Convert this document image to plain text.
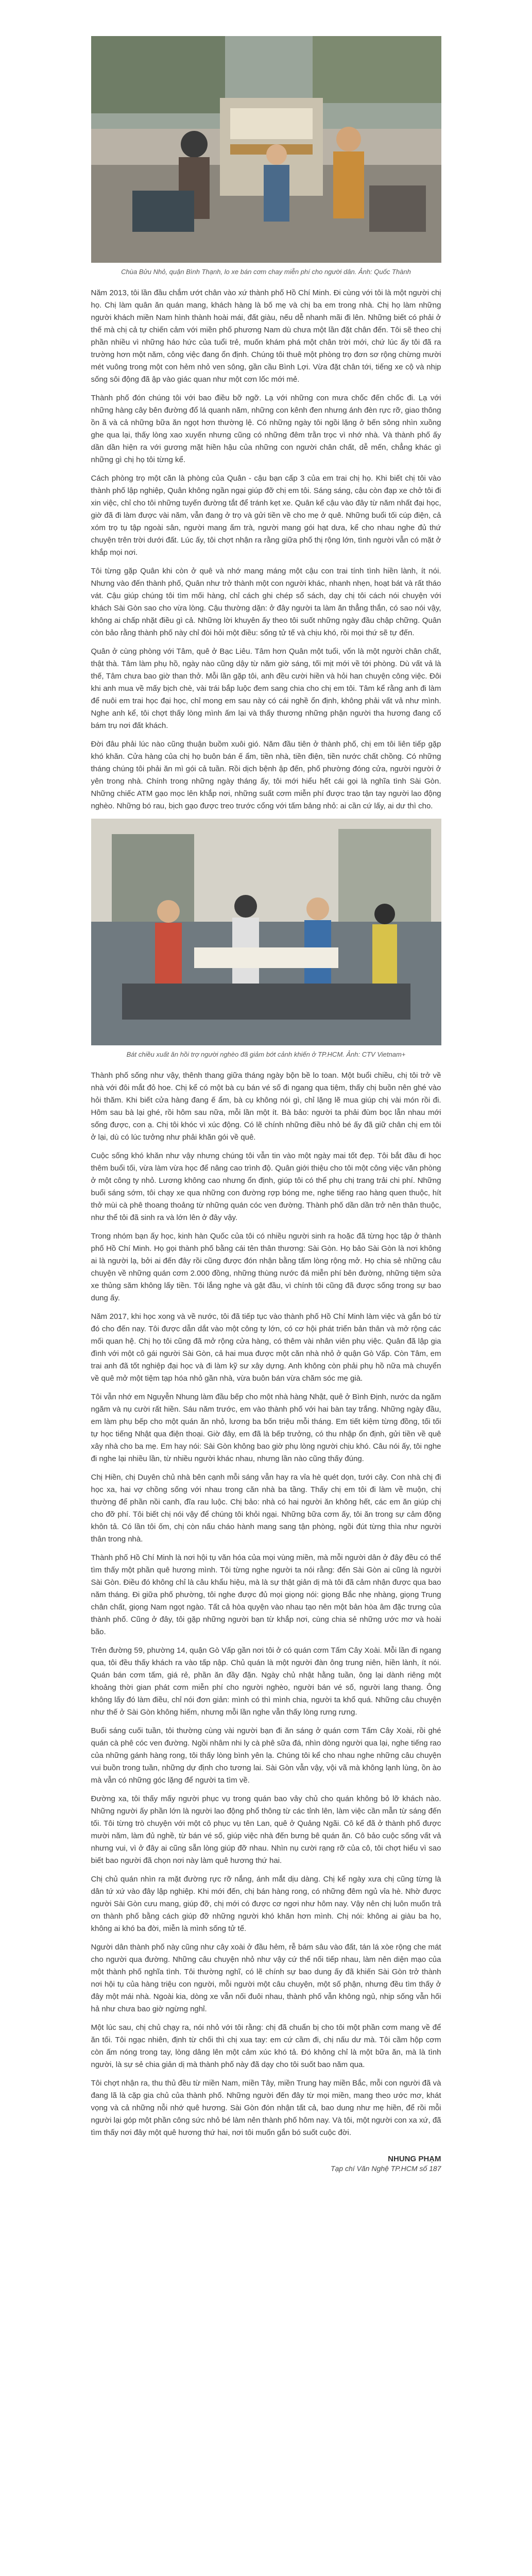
Chùa Bửu Nhỏ, quận Bình Thạnh, lo xe bán cơm chay miễn phí cho người dân. Ảnh: Quốc Thành

Năm 2013, tôi lần đầu chắm ướt chân vào xứ thành phố Hồ Chí Minh. Đi cùng với tôi là một người chị họ. Chị làm quân ăn quán mang, khách hàng là bố mẹ và chị ba em trong nhà. Chị họ làm những người khách miền Nam hình thành hoài mái, đất giàu, nếu dễ nhanh mãi đi lên. Những biết có phải ở thế mà chị cả tự chiến cảm với miền phố phương Nam dù chưa một lần đặt chân đến. Tôi sẽ theo chị phần nhiều vì những háo hức của tuổi trẻ, muốn khám phá một chân trời mới, chứ lúc ấy tôi đã ra trường hơn một năm, công việc đang ổn định. Chúng tôi thuê một phòng trọ đơn sơ rộng chừng mười mét vuông trong một con hẻm nhỏ ven sông, gần cầu Bình Lợi. Vừa đặt chân tới, tiếng xe cộ và nhịp sống sôi động đã ập vào giác quan như một cơn lốc mới mẻ.

Thành phố đón chúng tôi với bao điều bỡ ngỡ. Lạ với những con mưa chốc đến chốc đi. Lạ với những hàng cây bên đường đổ lá quanh năm, những con kênh đen nhưng ánh đèn rực rỡ, giao thông ồn ã và cả những bữa ăn ngọt hơn thường lệ. Có những ngày tôi ngồi lặng ở bến sông nhìn xuồng ghe qua lại, thấy lòng xao xuyến nhưng cũng có những đêm trằn trọc vì nhớ nhà. Và thành phố ấy dần dần hiện ra với gương mặt hiền hậu của những con người chân chất, dễ mến, chẳng khác gì những gì chị họ tôi từng kể.

Cách phòng trọ một căn là phòng của Quân - cậu bạn cấp 3 của em trai chị họ. Khi biết chị tôi vào thành phố lập nghiệp, Quân không ngần ngại giúp đỡ chị em tôi. Sáng sáng, cậu còn đạp xe chở tôi đi xin việc, chỉ cho tôi những tuyến đường tắt để tránh kẹt xe. Quân kể cậu vào đây từ năm nhất đại học, giờ đã đi làm được vài năm, vẫn đang ở trọ và gửi tiền về cho mẹ ở quê. Những buổi tối cúp điện, cả xóm trọ tụ tập ngoài sân, người mang ấm trà, người mang gói hạt dưa, kể cho nhau nghe đủ thứ chuyện trên trời dưới đất. Lúc ấy, tôi chợt nhận ra rằng giữa phố thị rộng lớn, tình người vẫn có mặt ở khắp mọi nơi.

Tôi từng gặp Quân khi còn ở quê và nhớ mang máng một cậu con trai tính tình hiền lành, ít nói. Nhưng vào đến thành phố, Quân như trở thành một con người khác, nhanh nhẹn, hoạt bát và rất tháo vát. Cậu giúp chúng tôi tìm mối hàng, chỉ cách ghi chép sổ sách, dạy chị tôi cách nói chuyện với khách Sài Gòn sao cho vừa lòng. Cậu thường dặn: ở đây người ta làm ăn thẳng thắn, có sao nói vậy, không ai chấp nhặt điều gì cả. Những lời khuyên ấy theo tôi suốt những ngày đầu chập chững. Quân còn bảo rằng thành phố này chỉ đòi hỏi một điều: sống tử tế và chịu khó, rồi mọi thứ sẽ tự đến.

Quân ở cùng phòng với Tâm, quê ở Bạc Liêu. Tâm hơn Quân một tuổi, vốn là một người chân chất, thật thà. Tâm làm phụ hồ, ngày nào cũng dậy từ năm giờ sáng, tối mịt mới về tới phòng. Dù vất vả là thế, Tâm chưa bao giờ than thở. Mỗi lần gặp tôi, anh đều cười hiền và hỏi han chuyện công việc. Đôi khi anh mua về mấy bịch chè, vài trái bắp luộc đem sang chia cho chị em tôi. Tâm kể rằng anh đi làm để nuôi em trai học đại học, chỉ mong em sau này có cái nghề ổn định, không phải vất vả như mình. Nghe anh kể, tôi chợt thấy lòng mình ấm lại và thấy thương những phận người tha hương đang cố bám trụ nơi đất khách.

Đời đâu phải lúc nào cũng thuận buồm xuôi gió. Năm đầu tiên ở thành phố, chị em tôi liên tiếp gặp khó khăn. Cửa hàng của chị họ buôn bán ế ẩm, tiền nhà, tiền điện, tiền nước chất chồng. Có những tháng chúng tôi phải ăn mì gói cả tuần. Rồi dịch bệnh ập đến, phố phường đóng cửa, người người ở yên trong nhà. Chính trong những ngày tháng ấy, tôi mới hiểu hết cái gọi là nghĩa tình Sài Gòn. Những chiếc ATM gạo mọc lên khắp nơi, những suất cơm miễn phí được trao tận tay người lao động nghèo. Những bó rau, bịch gạo được treo trước cổng với tấm bảng nhỏ: ai cần cứ lấy, ai dư thì cho.

Bát chiều xuất ăn hồi trợ người nghèo đã giảm bớt cảnh khiến ở TP.HCM. Ảnh: CTV Vietnam+

Thành phố sống như vậy, thênh thang giữa tháng ngày bộn bề lo toan. Một buổi chiều, chị tôi trở về nhà với đôi mắt đỏ hoe. Chị kể có một bà cụ bán vé số đi ngang qua tiệm, thấy chị buồn nên ghé vào hỏi thăm. Khi biết cửa hàng đang ế ẩm, bà cụ không nói gì, chỉ lặng lẽ mua giúp chị vài món rồi đi. Hôm sau bà lại ghé, rồi hôm sau nữa, mỗi lần một ít. Bà bảo: người ta phải đùm bọc lẫn nhau mới sống được, con ạ. Chị tôi khóc vì xúc động. Có lẽ chính những điều nhỏ bé ấy đã giữ chân chị em tôi ở lại, dù có lúc tưởng như phải khăn gói về quê.

Cuộc sống khó khăn như vậy nhưng chúng tôi vẫn tin vào một ngày mai tốt đẹp. Tôi bắt đầu đi học thêm buổi tối, vừa làm vừa học để nâng cao trình độ. Quân giới thiệu cho tôi một công việc văn phòng ở một công ty nhỏ. Lương không cao nhưng ổn định, giúp tôi có thể phụ chị trang trải chi phí. Những buổi sáng sớm, tôi chạy xe qua những con đường rợp bóng me, nghe tiếng rao hàng quen thuộc, hít thở mùi cà phê thoang thoảng từ những quán cóc ven đường. Thành phố dần dần trở nên thân thuộc, như thể tôi đã sinh ra và lớn lên ở đây vậy.

Trong nhóm bạn ấy học, kinh hàn Quốc của tôi có nhiều người sinh ra hoặc đã từng học tập ở thành phố Hồ Chí Minh. Họ gọi thành phố bằng cái tên thân thương: Sài Gòn. Họ bảo Sài Gòn là nơi không ai là người lạ, bởi ai đến đây rồi cũng được đón nhận bằng tấm lòng rộng mở. Họ chia sẻ những câu chuyện về những quán cơm 2.000 đồng, những thùng nước đá miễn phí bên đường, những tiệm sửa xe thủng săm không lấy tiền. Tôi lắng nghe và gật đầu, vì chính tôi cũng đã được sống trong sự bao dung ấy.

Năm 2017, khi học xong và về nước, tôi đã tiếp tục vào thành phố Hồ Chí Minh làm việc và gắn bó từ đó cho đến nay. Tôi được dẫn dắt vào một công ty lớn, có cơ hội phát triển bản thân và mở rộng các mối quan hệ. Chị họ tôi cũng đã mở rộng cửa hàng, có thêm vài nhân viên phụ việc. Quân đã lập gia đình với một cô gái người Sài Gòn, cả hai mua được một căn nhà nhỏ ở quận Gò Vấp. Còn Tâm, em trai anh đã tốt nghiệp đại học và đi làm kỹ sư xây dựng. Anh không còn phải phụ hồ nữa mà chuyển về quê mở một tiệm tạp hóa nhỏ gần nhà, vừa buôn bán vừa chăm sóc mẹ già.

Tôi vẫn nhớ em Nguyễn Nhung làm đầu bếp cho một nhà hàng Nhật, quê ở Bình Định, nước da ngăm ngăm và nụ cười rất hiền. Sáu năm trước, em vào thành phố với hai bàn tay trắng. Những ngày đầu, em làm phụ bếp cho một quán ăn nhỏ, lương ba bốn triệu mỗi tháng. Em tiết kiệm từng đồng, tối tối tự học tiếng Nhật qua điện thoại. Giờ đây, em đã là bếp trưởng, có thu nhập ổn định, gửi tiền về quê xây nhà cho ba mẹ. Em hay nói: Sài Gòn không bao giờ phụ lòng người chịu khó. Câu nói ấy, tôi nghe đi nghe lại nhiều lần, từ nhiều người khác nhau, nhưng lần nào cũng thấy đúng.

Chị Hiền, chị Duyên chủ nhà bên cạnh mỗi sáng vẫn hay ra vỉa hè quét dọn, tưới cây. Con nhà chị đi học xa, hai vợ chồng sống với nhau trong căn nhà ba tầng. Thấy chị em tôi đi làm về muộn, chị thường để phần nồi canh, đĩa rau luộc. Chị bảo: nhà có hai người ăn không hết, các em ăn giúp chị cho đỡ phí. Tôi biết chị nói vậy để chúng tôi khỏi ngại. Những bữa cơm ấy, tôi ăn trong sự cảm động khôn tả. Có lần tôi ốm, chị còn nấu cháo hành mang sang tận phòng, ngồi đút từng thìa như người thân trong nhà.

Thành phố Hồ Chí Minh là nơi hội tụ văn hóa của mọi vùng miền, mà mỗi người dân ở đây đều có thể tìm thấy một phần quê hương mình. Tôi từng nghe người ta nói rằng: đến Sài Gòn ai cũng là người Sài Gòn. Điều đó không chỉ là câu khẩu hiệu, mà là sự thật giản dị mà tôi đã cảm nhận được qua bao năm tháng. Đi giữa phố phường, tôi nghe được đủ mọi giọng nói: giọng Bắc nhẹ nhàng, giọng Trung chân chất, giọng Nam ngọt ngào. Tất cả hòa quyện vào nhau tạo nên một bản hòa âm đặc trưng của thành phố. Cũng ở đây, tôi gặp những người bạn từ khắp nơi, cùng chia sẻ những ước mơ và hoài bão.

Trên đường 59, phường 14, quận Gò Vấp gần nơi tôi ở có quán cơm Tấm Cây Xoài. Mỗi lần đi ngang qua, tôi đều thấy khách ra vào tấp nập. Chủ quán là một người đàn ông trung niên, hiền lành, ít nói. Quán bán cơm tấm, giá rẻ, phần ăn đầy đặn. Ngày chủ nhật hằng tuần, ông lại dành riêng một khoảng thời gian phát cơm miễn phí cho người nghèo, người bán vé số, người lang thang. Ông không lấy đó làm điều, chỉ nói đơn giản: mình có thì mình chia, người ta khổ quá. Những câu chuyện như thế ở Sài Gòn không hiếm, nhưng mỗi lần nghe vẫn thấy lòng rưng rưng.

Buổi sáng cuối tuần, tôi thường cùng vài người bạn đi ăn sáng ở quán cơm Tấm Cây Xoài, rồi ghé quán cà phê cóc ven đường. Ngồi nhâm nhi ly cà phê sữa đá, nhìn dòng người qua lại, nghe tiếng rao của những gánh hàng rong, tôi thấy lòng bình yên lạ. Chúng tôi kể cho nhau nghe những câu chuyện vui buồn trong tuần, những dự định cho tương lai. Sài Gòn vẫn vậy, vội vã mà không lạnh lùng, ồn ào mà vẫn có những góc lặng để người ta tìm về.

Đường xa, tôi thấy mấy người phục vụ trong quán bao vây chủ cho quán không bỏ lỡ khách nào. Những người ấy phần lớn là người lao động phổ thông từ các tỉnh lên, làm việc cần mẫn từ sáng đến tối. Tôi từng trò chuyện với một cô phục vụ tên Lan, quê ở Quảng Ngãi. Cô kể đã ở thành phố được mười năm, làm đủ nghề, từ bán vé số, giúp việc nhà đến bưng bê quán ăn. Cô bảo cuộc sống vất vả nhưng vui, vì ở đây ai cũng sẵn lòng giúp đỡ nhau. Nhìn nụ cười rạng rỡ của cô, tôi chợt hiểu vì sao biết bao người đã chọn nơi này làm quê hương thứ hai.

Chị chủ quán nhìn ra mặt đường rực rỡ nắng, ánh mắt dịu dàng. Chị kể ngày xưa chị cũng từng là dân tứ xứ vào đây lập nghiệp. Khi mới đến, chị bán hàng rong, có những đêm ngủ vỉa hè. Nhờ được người Sài Gòn cưu mang, giúp đỡ, chị mới có được cơ ngơi như hôm nay. Vậy nên chị luôn muốn trả ơn thành phố bằng cách giúp đỡ những người khó khăn hơn mình. Chị nói: không ai giàu ba họ, không ai khó ba đời, miễn là mình sống tử tế.

Người dân thành phố này cũng như cây xoài ở đầu hẻm, rễ bám sâu vào đất, tán lá xòe rộng che mát cho người qua đường. Những câu chuyện nhỏ như vậy cứ thế nối tiếp nhau, làm nên diện mạo của một thành phố nghĩa tình. Tôi thường nghĩ, có lẽ chính sự bao dung ấy đã khiến Sài Gòn trở thành nơi hội tụ của hàng triệu con người, mỗi người một câu chuyện, một số phận, nhưng đều tìm thấy ở đây một mái nhà. Ngoài kia, dòng xe vẫn nối đuôi nhau, thành phố vẫn không ngủ, nhịp sống vẫn hối hả như chưa bao giờ ngừng nghỉ.

Một lúc sau, chị chủ chạy ra, nói nhỏ với tôi rằng: chị đã chuẩn bị cho tôi một phần cơm mang về để ăn tối. Tôi ngạc nhiên, định từ chối thì chị xua tay: em cứ cầm đi, chị nấu dư mà. Tôi cầm hộp cơm còn ấm nóng trong tay, lòng dâng lên một cảm xúc khó tả. Đó không chỉ là một bữa ăn, mà là tình người, là sự sẻ chia giản dị mà thành phố này đã dạy cho tôi suốt bao năm qua.

Tôi chợt nhận ra, thu thủ đều từ miền Nam, miền Tây, miền Trung hay miền Bắc, mỗi con người đã và đang lã là cặp gia chủ của thành phố. Những người đến đây từ mọi miền, mang theo ước mơ, khát vọng và cả những nỗi nhớ quê hương. Sài Gòn đón nhận tất cả, bao dung như mẹ hiền, để rồi mỗi người lại góp một phần công sức nhỏ bé làm nên thành phố hôm nay. Và tôi, một người con xa xứ, đã tìm thấy nơi đây một quê hương thứ hai, nơi tôi muốn gắn bó suốt cuộc đời.

NHUNG PHẠM

Tạp chí Văn Nghệ TP.HCM số 187
